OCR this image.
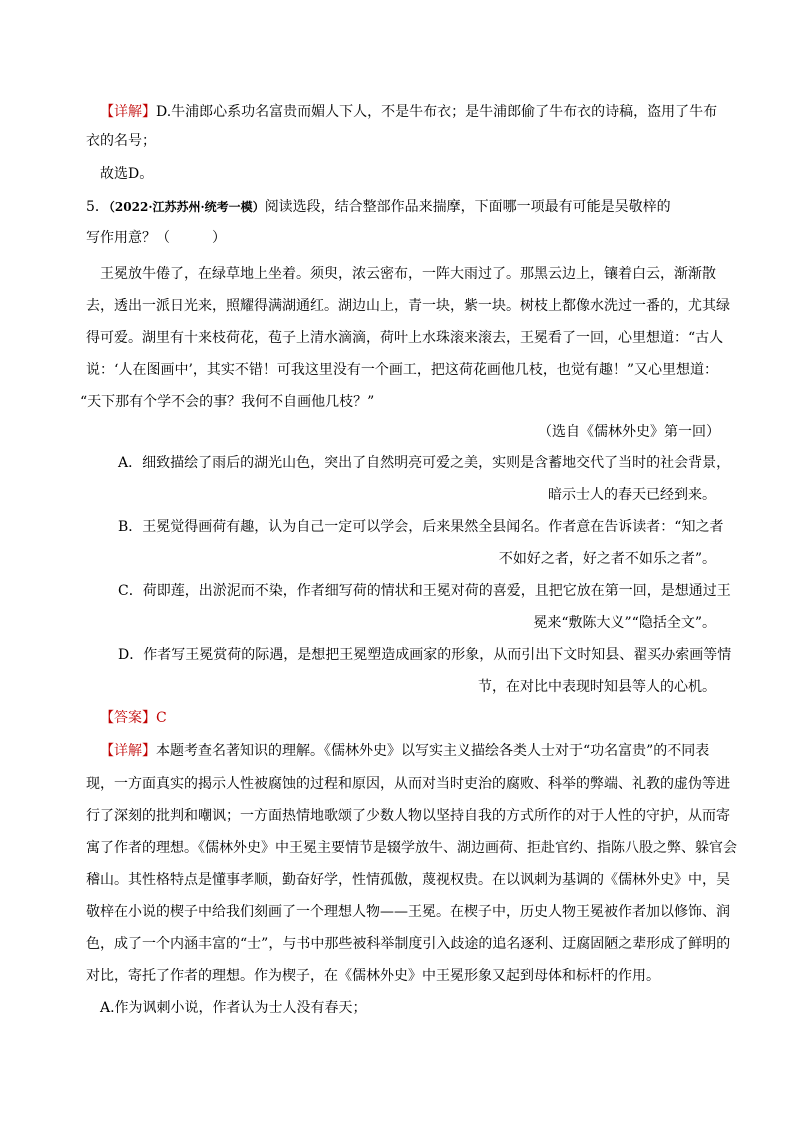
【详解】D.牛浦郎心系功名富贵而媚人下人，不是牛布衣；是牛浦郎偷了牛布衣的诗稿，盗用了牛布
衣的名号；
故选D。
5．（2022·江苏苏州·统考一模）阅读选段，结合整部作品来揣摩，下面哪一项最有可能是吴敬梓的
写作用意？（　　　）
王冕放牛倦了，在绿草地上坐着。须臾，浓云密布，一阵大雨过了。那黑云边上，镶着白云，渐渐散
去，透出一派日光来，照耀得满湖通红。湖边山上，青一块，紫一块。树枝上都像水洗过一番的，尤其绿
得可爱。湖里有十来枝荷花，苞子上清水滴滴，荷叶上水珠滚来滚去，王冕看了一回，心里想道：“古人
说：‘人在图画中’，其实不错！可我这里没有一个画工，把这荷花画他几枝，也觉有趣！”又心里想道：
“天下那有个学不会的事？我何不自画他几枝？”
（选自《儒林外史》第一回）
A．细致描绘了雨后的湖光山色，突出了自然明亮可爱之美，实则是含蓄地交代了当时的社会背景，
暗示士人的春天已经到来。
B．王冕觉得画荷有趣，认为自己一定可以学会，后来果然全县闻名。作者意在告诉读者：“知之者
不如好之者，好之者不如乐之者”。
C．荷即莲，出淤泥而不染，作者细写荷的情状和王冕对荷的喜爱，且把它放在第一回，是想通过王
冕来“敷陈大义”“隐括全文”。
D．作者写王冕赏荷的际遇，是想把王冕塑造成画家的形象，从而引出下文时知县、翟买办索画等情
节，在对比中表现时知县等人的心机。
【答案】C
【详解】本题考查名著知识的理解。《儒林外史》以写实主义描绘各类人士对于“功名富贵”的不同表
现，一方面真实的揭示人性被腐蚀的过程和原因，从而对当时吏治的腐败、科举的弊端、礼教的虚伪等进
行了深刻的批判和嘲讽；一方面热情地歌颂了少数人物以坚持自我的方式所作的对于人性的守护，从而寄
寓了作者的理想。《儒林外史》中王冕主要情节是辍学放牛、湖边画荷、拒赴官约、指陈八股之弊、躲官会
稽山。其性格特点是懂事孝顺，勤奋好学，性情孤傲，蔑视权贵。在以讽刺为基调的《儒林外史》中，吴
敬梓在小说的楔子中给我们刻画了一个理想人物——王冕。在楔子中，历史人物王冕被作者加以修饰、润
色，成了一个内涵丰富的“士”，与书中那些被科举制度引入歧途的追名逐利、迂腐固陋之辈形成了鲜明的
对比，寄托了作者的理想。作为楔子，在《儒林外史》中王冕形象又起到母体和标杆的作用。
A.作为讽刺小说，作者认为士人没有春天；
